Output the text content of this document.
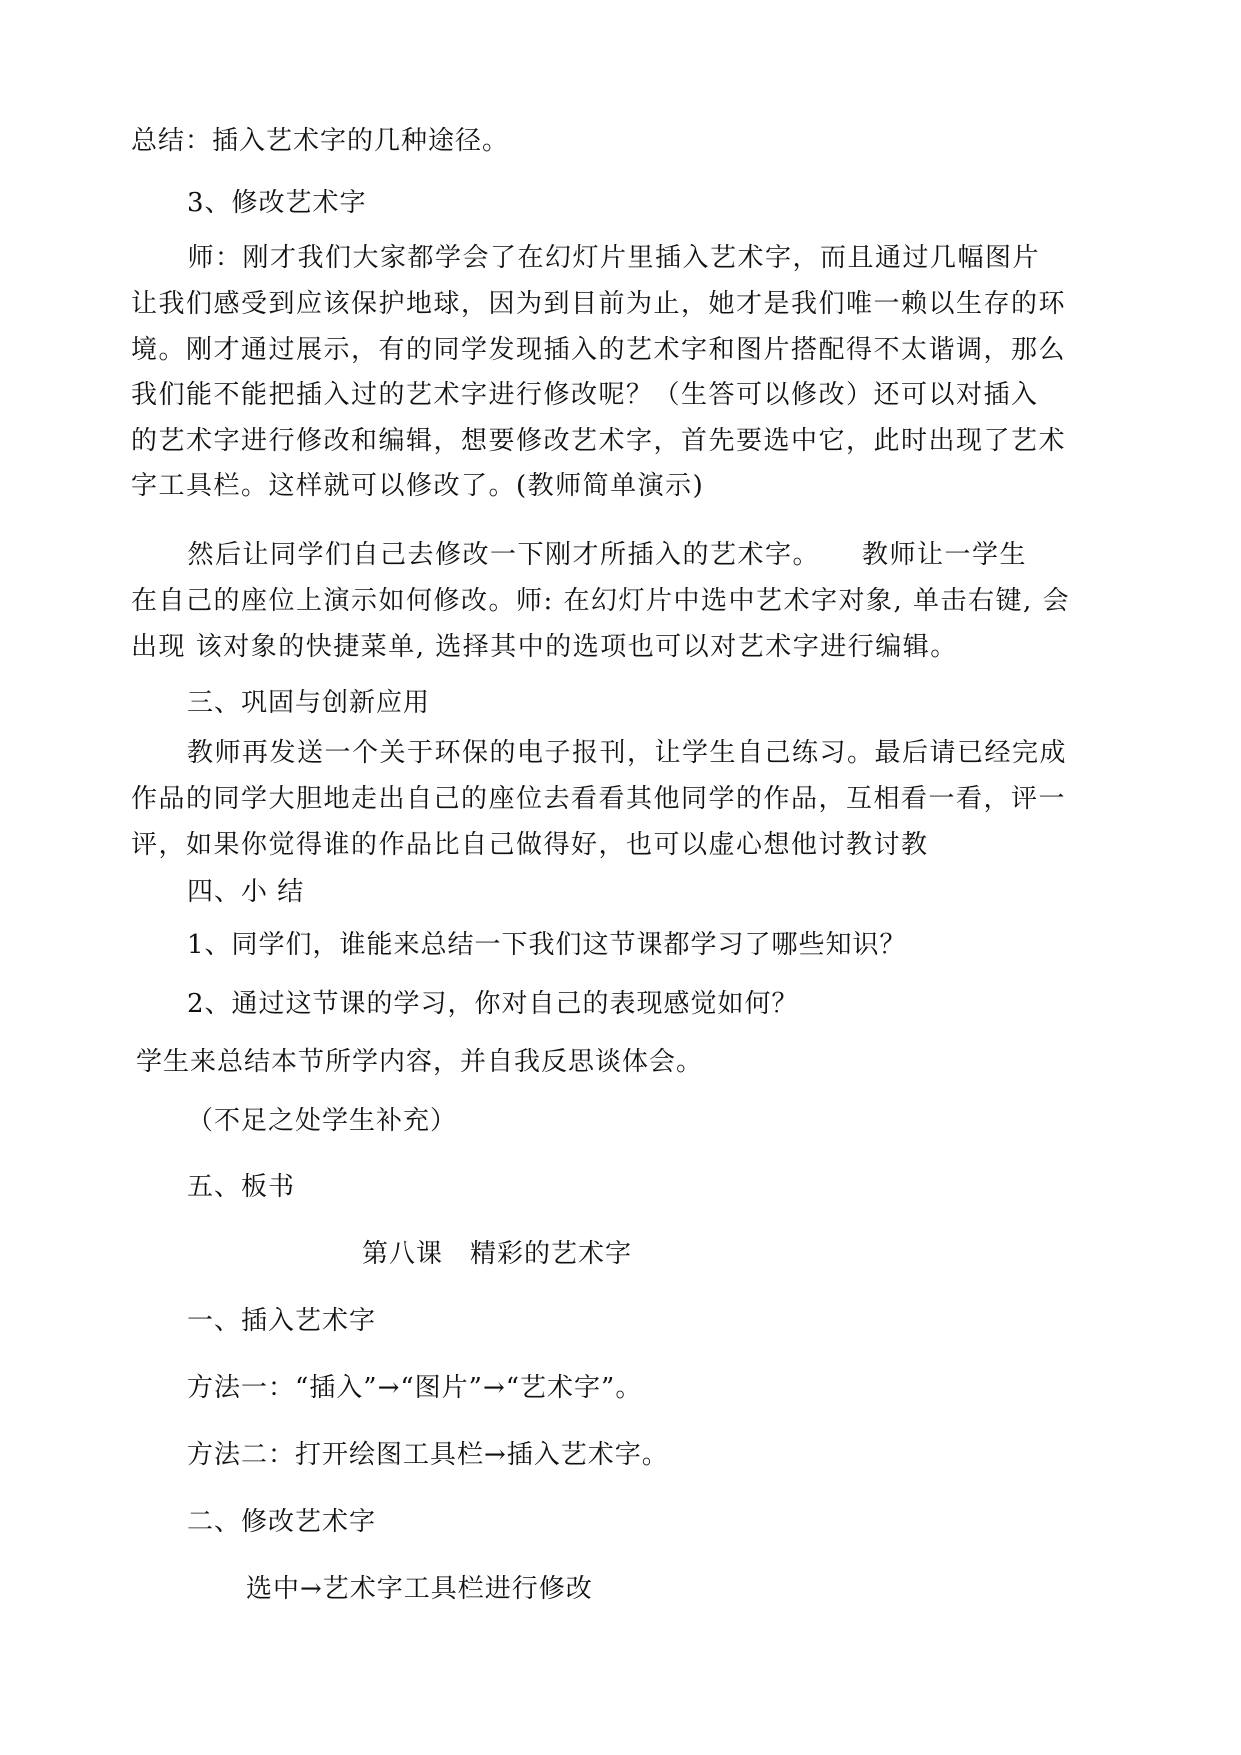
总结：插入艺术字的几种途径。
3、修改艺术字
　师：刚才我们大家都学会了在幻灯片里插入艺术字，而且通过几幅图片
让我们感受到应该保护地球，因为到目前为止，她才是我们唯一赖以生存的环
境。刚才通过展示，有的同学发现插入的艺术字和图片搭配得不太谐调，那么
我们能不能把插入过的艺术字进行修改呢？（生答可以修改）还可以对插入
的艺术字进行修改和编辑，想要修改艺术字，首先要选中它，此时出现了艺术
字工具栏。这样就可以修改了。(教师简单演示)
　然后让同学们自己去修改一下刚才所插入的艺术字。　　教师让一学生
在自己的座位上演示如何修改。师: 在幻灯片中选中艺术字对象, 单击右键, 会
出现 该对象的快捷菜单, 选择其中的选项也可以对艺术字进行编辑。
三、巩固与创新应用
教师再发送一个关于环保的电子报刊，让学生自己练习。最后请已经完成
作品的同学大胆地走出自己的座位去看看其他同学的作品，互相看一看，评一
评，如果你觉得谁的作品比自己做得好，也可以虚心想他讨教讨教
四、小 结
1、同学们，谁能来总结一下我们这节课都学习了哪些知识？
2、通过这节课的学习，你对自己的表现感觉如何？
学生来总结本节所学内容，并自我反思谈体会。
（不足之处学生补充）
五、板书
第八课　精彩的艺术字
一、插入艺术字
方法一：“插入”→“图片”→“艺术字”。
方法二：打开绘图工具栏→插入艺术字。
二、修改艺术字
选中→艺术字工具栏进行修改
